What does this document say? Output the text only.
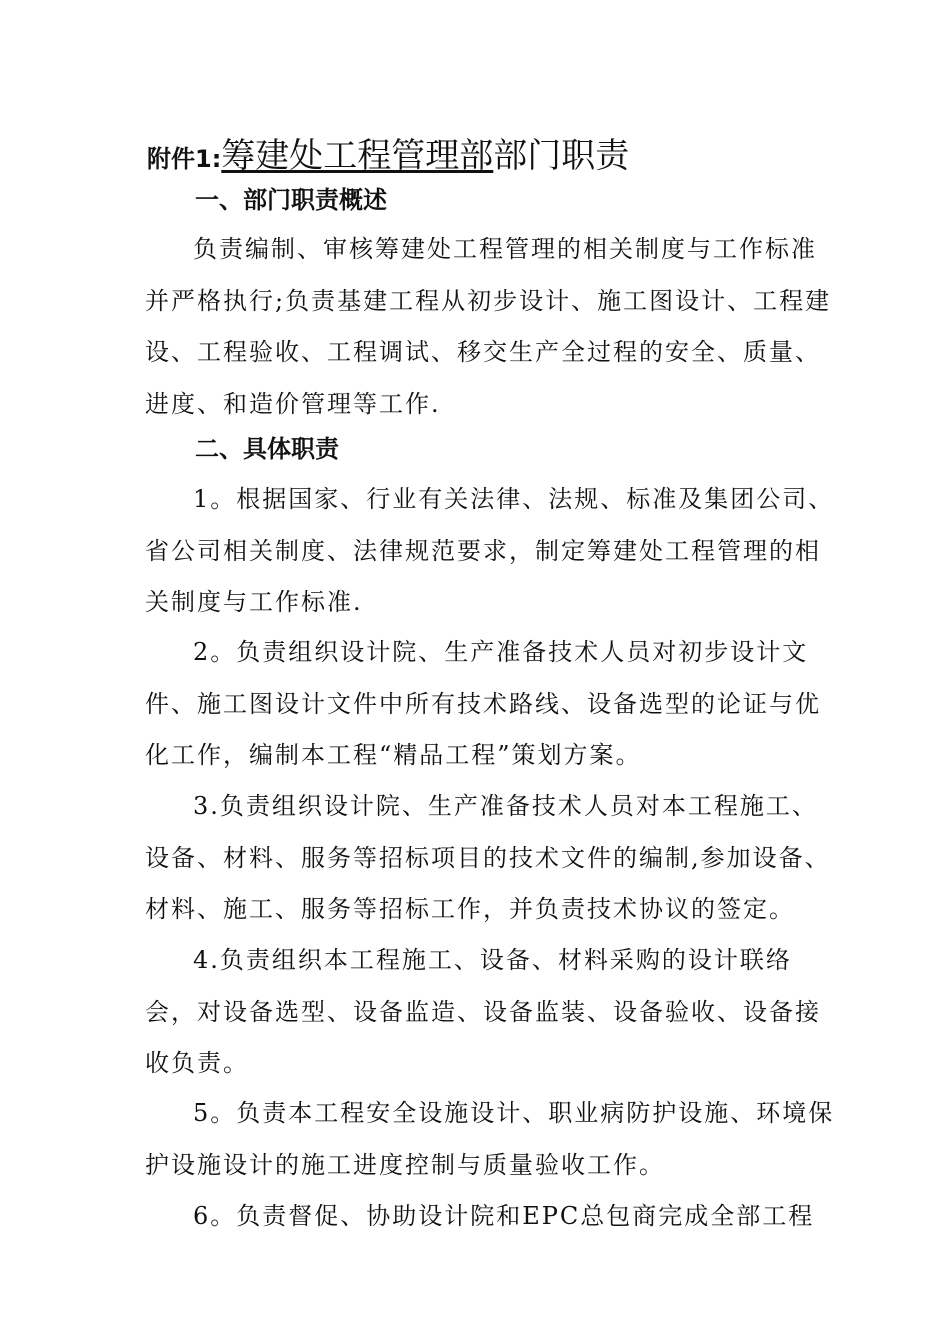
附件1:筹建处工程管理部部门职责
一、部门职责概述

负责编制、审核筹建处工程管理的相关制度与工作标准并严格执行;负责基建工程从初步设计、施工图设计、工程建设、工程验收、工程调试、移交生产全过程的安全、质量、进度、和造价管理等工作.

二、具体职责

1。根据国家、行业有关法律、法规、标准及集团公司、省公司相关制度、法律规范要求，制定筹建处工程管理的相关制度与工作标准.

2。负责组织设计院、生产准备技术人员对初步设计文件、施工图设计文件中所有技术路线、设备选型的论证与优化工作，编制本工程“精品工程”策划方案。

3.负责组织设计院、生产准备技术人员对本工程施工、设备、材料、服务等招标项目的技术文件的编制,参加设备、材料、施工、服务等招标工作，并负责技术协议的签定。

4.负责组织本工程施工、设备、材料采购的设计联络会，对设备选型、设备监造、设备监装、设备验收、设备接收负责。

5。负责本工程安全设施设计、职业病防护设施、环境保护设施设计的施工进度控制与质量验收工作。

6。负责督促、协助设计院和EPC总包商完成全部工程
